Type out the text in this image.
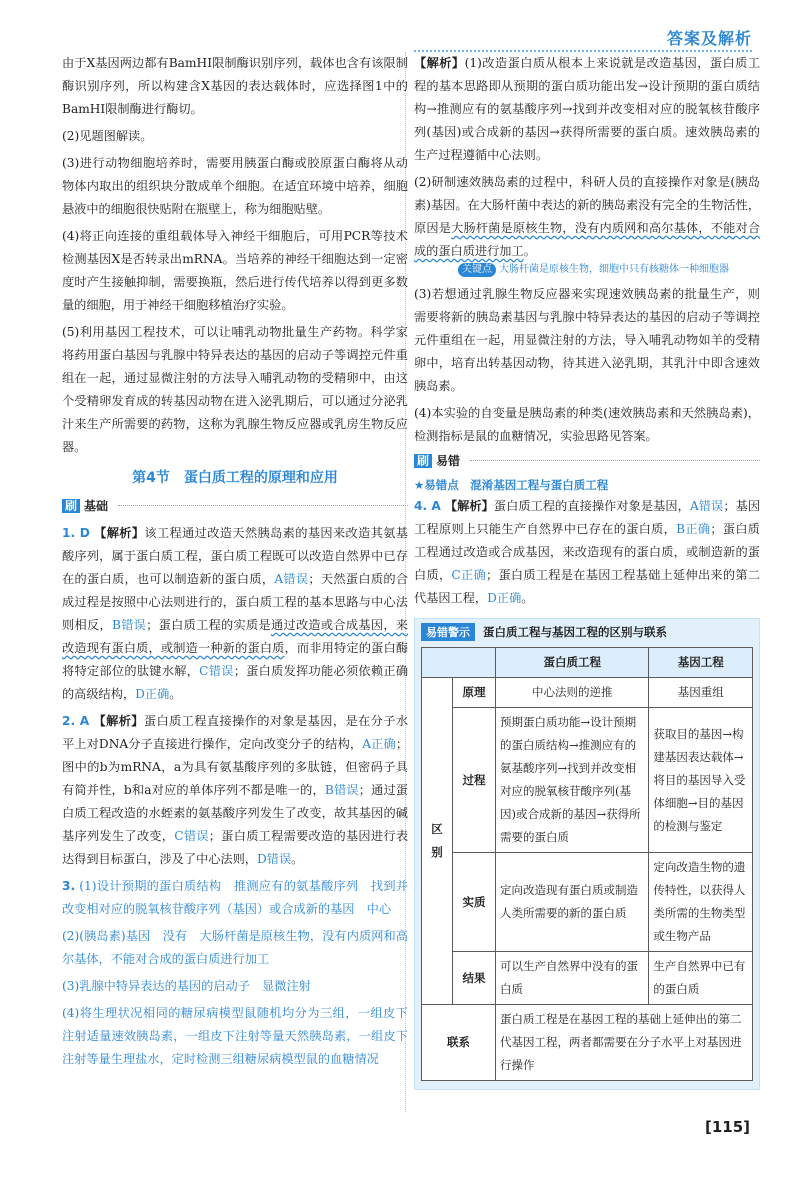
答案及解析

由于X基因两边都有BamHⅠ限制酶识别序列，载体也含有该限制酶识别序列，所以构建含X基因的表达载体时，应选择图1中的BamHⅠ限制酶进行酶切。

(2)见题图解读。

(3)进行动物细胞培养时，需要用胰蛋白酶或胶原蛋白酶将从动物体内取出的组织块分散成单个细胞。在适宜环境中培养，细胞悬液中的细胞很快贴附在瓶壁上，称为细胞贴壁。

(4)将正向连接的重组载体导入神经干细胞后，可用PCR等技术检测基因X是否转录出mRNA。当培养的神经干细胞达到一定密度时产生接触抑制，需要换瓶，然后进行传代培养以得到更多数量的细胞，用于神经干细胞移植治疗实验。

(5)利用基因工程技术，可以让哺乳动物批量生产药物。科学家将药用蛋白基因与乳腺中特异表达的基因的启动子等调控元件重组在一起，通过显微注射的方法导入哺乳动物的受精卵中，由这个受精卵发育成的转基因动物在进入泌乳期后，可以通过分泌乳汁来生产所需要的药物，这称为乳腺生物反应器或乳房生物反应器。

第4节　蛋白质工程的原理和应用
刷 基础

1. D 【解析】该工程通过改造天然胰岛素的基因来改造其氨基酸序列，属于蛋白质工程，蛋白质工程既可以改造自然界中已存在的蛋白质，也可以制造新的蛋白质，A错误；天然蛋白质的合成过程是按照中心法则进行的，蛋白质工程的基本思路与中心法则相反，B错误；蛋白质工程的实质是通过改造或合成基因，来改造现有蛋白质，或制造一种新的蛋白质，而非用特定的蛋白酶将特定部位的肽键水解，C错误；蛋白质发挥功能必须依赖正确的高级结构，D正确。

2. A 【解析】蛋白质工程直接操作的对象是基因，是在分子水平上对DNA分子直接进行操作，定向改变分子的结构，A正确；图中的b为mRNA，a为具有氨基酸序列的多肽链，但密码子具有简并性，b和a对应的单体序列不都是唯一的，B错误；通过蛋白质工程改造的水蛭素的氨基酸序列发生了改变，故其基因的碱基序列发生了改变，C错误；蛋白质工程需要改造的基因进行表达得到目标蛋白，涉及了中心法则，D错误。

3. (1)设计预期的蛋白质结构　推测应有的氨基酸序列　找到并改变相对应的脱氧核苷酸序列（基因）或合成新的基因　中心

(2)(胰岛素)基因　没有　大肠杆菌是原核生物，没有内质网和高尔基体，不能对合成的蛋白质进行加工

(3)乳腺中特异表达的基因的启动子　显微注射

(4)将生理状况相同的糖尿病模型鼠随机均分为三组，一组皮下注射适量速效胰岛素，一组皮下注射等量天然胰岛素，一组皮下注射等量生理盐水，定时检测三组糖尿病模型鼠的血糖情况

【解析】(1)改造蛋白质从根本上来说就是改造基因，蛋白质工程的基本思路即从预期的蛋白质功能出发→设计预期的蛋白质结构→推测应有的氨基酸序列→找到并改变相对应的脱氧核苷酸序列(基因)或合成新的基因→获得所需要的蛋白质。速效胰岛素的生产过程遵循中心法则。

(2)研制速效胰岛素的过程中，科研人员的直接操作对象是(胰岛素)基因。在大肠杆菌中表达的新的胰岛素没有完全的生物活性，原因是大肠杆菌是原核生物，没有内质网和高尔基体，不能对合成的蛋白质进行加工。

关键点 大肠杆菌是原核生物，细胞中只有核糖体一种细胞器

(3)若想通过乳腺生物反应器来实现速效胰岛素的批量生产，则需要将新的胰岛素基因与乳腺中特异表达的基因的启动子等调控元件重组在一起，用显微注射的方法，导入哺乳动物如羊的受精卵中，培育出转基因动物，待其进入泌乳期，其乳汁中即含速效胰岛素。

(4)本实验的自变量是胰岛素的种类(速效胰岛素和天然胰岛素)，检测指标是鼠的血糖情况，实验思路见答案。

刷 易错
★易错点　混淆基因工程与蛋白质工程

4. A 【解析】蛋白质工程的直接操作对象是基因，A错误；基因工程原则上只能生产自然界中已存在的蛋白质，B正确；蛋白质工程通过改造或合成基因，来改造现有的蛋白质，或制造新的蛋白质，C正确；蛋白质工程是在基因工程基础上延伸出来的第二代基因工程，D正确。

易错警示	蛋白质工程与基因工程的区别与联系
		蛋白质工程	基因工程
区别	原理	中心法则的逆推	基因重组
	过程	预期蛋白质功能→设计预期的蛋白质结构→推测应有的氨基酸序列→找到并改变相对应的脱氧核苷酸序列(基因)或合成新的基因→获得所需要的蛋白质	获取目的基因→构建基因表达载体→将目的基因导入受体细胞→目的基因的检测与鉴定
	实质	定向改造现有蛋白质或制造人类所需要的新的蛋白质	定向改造生物的遗传特性，以获得人类所需的生物类型或生物产品
	结果	可以生产自然界中没有的蛋白质	生产自然界中已有的蛋白质
联系		蛋白质工程是在基因工程的基础上延伸出的第二代基因工程，两者都需要在分子水平上对基因进行操作	
[115]
